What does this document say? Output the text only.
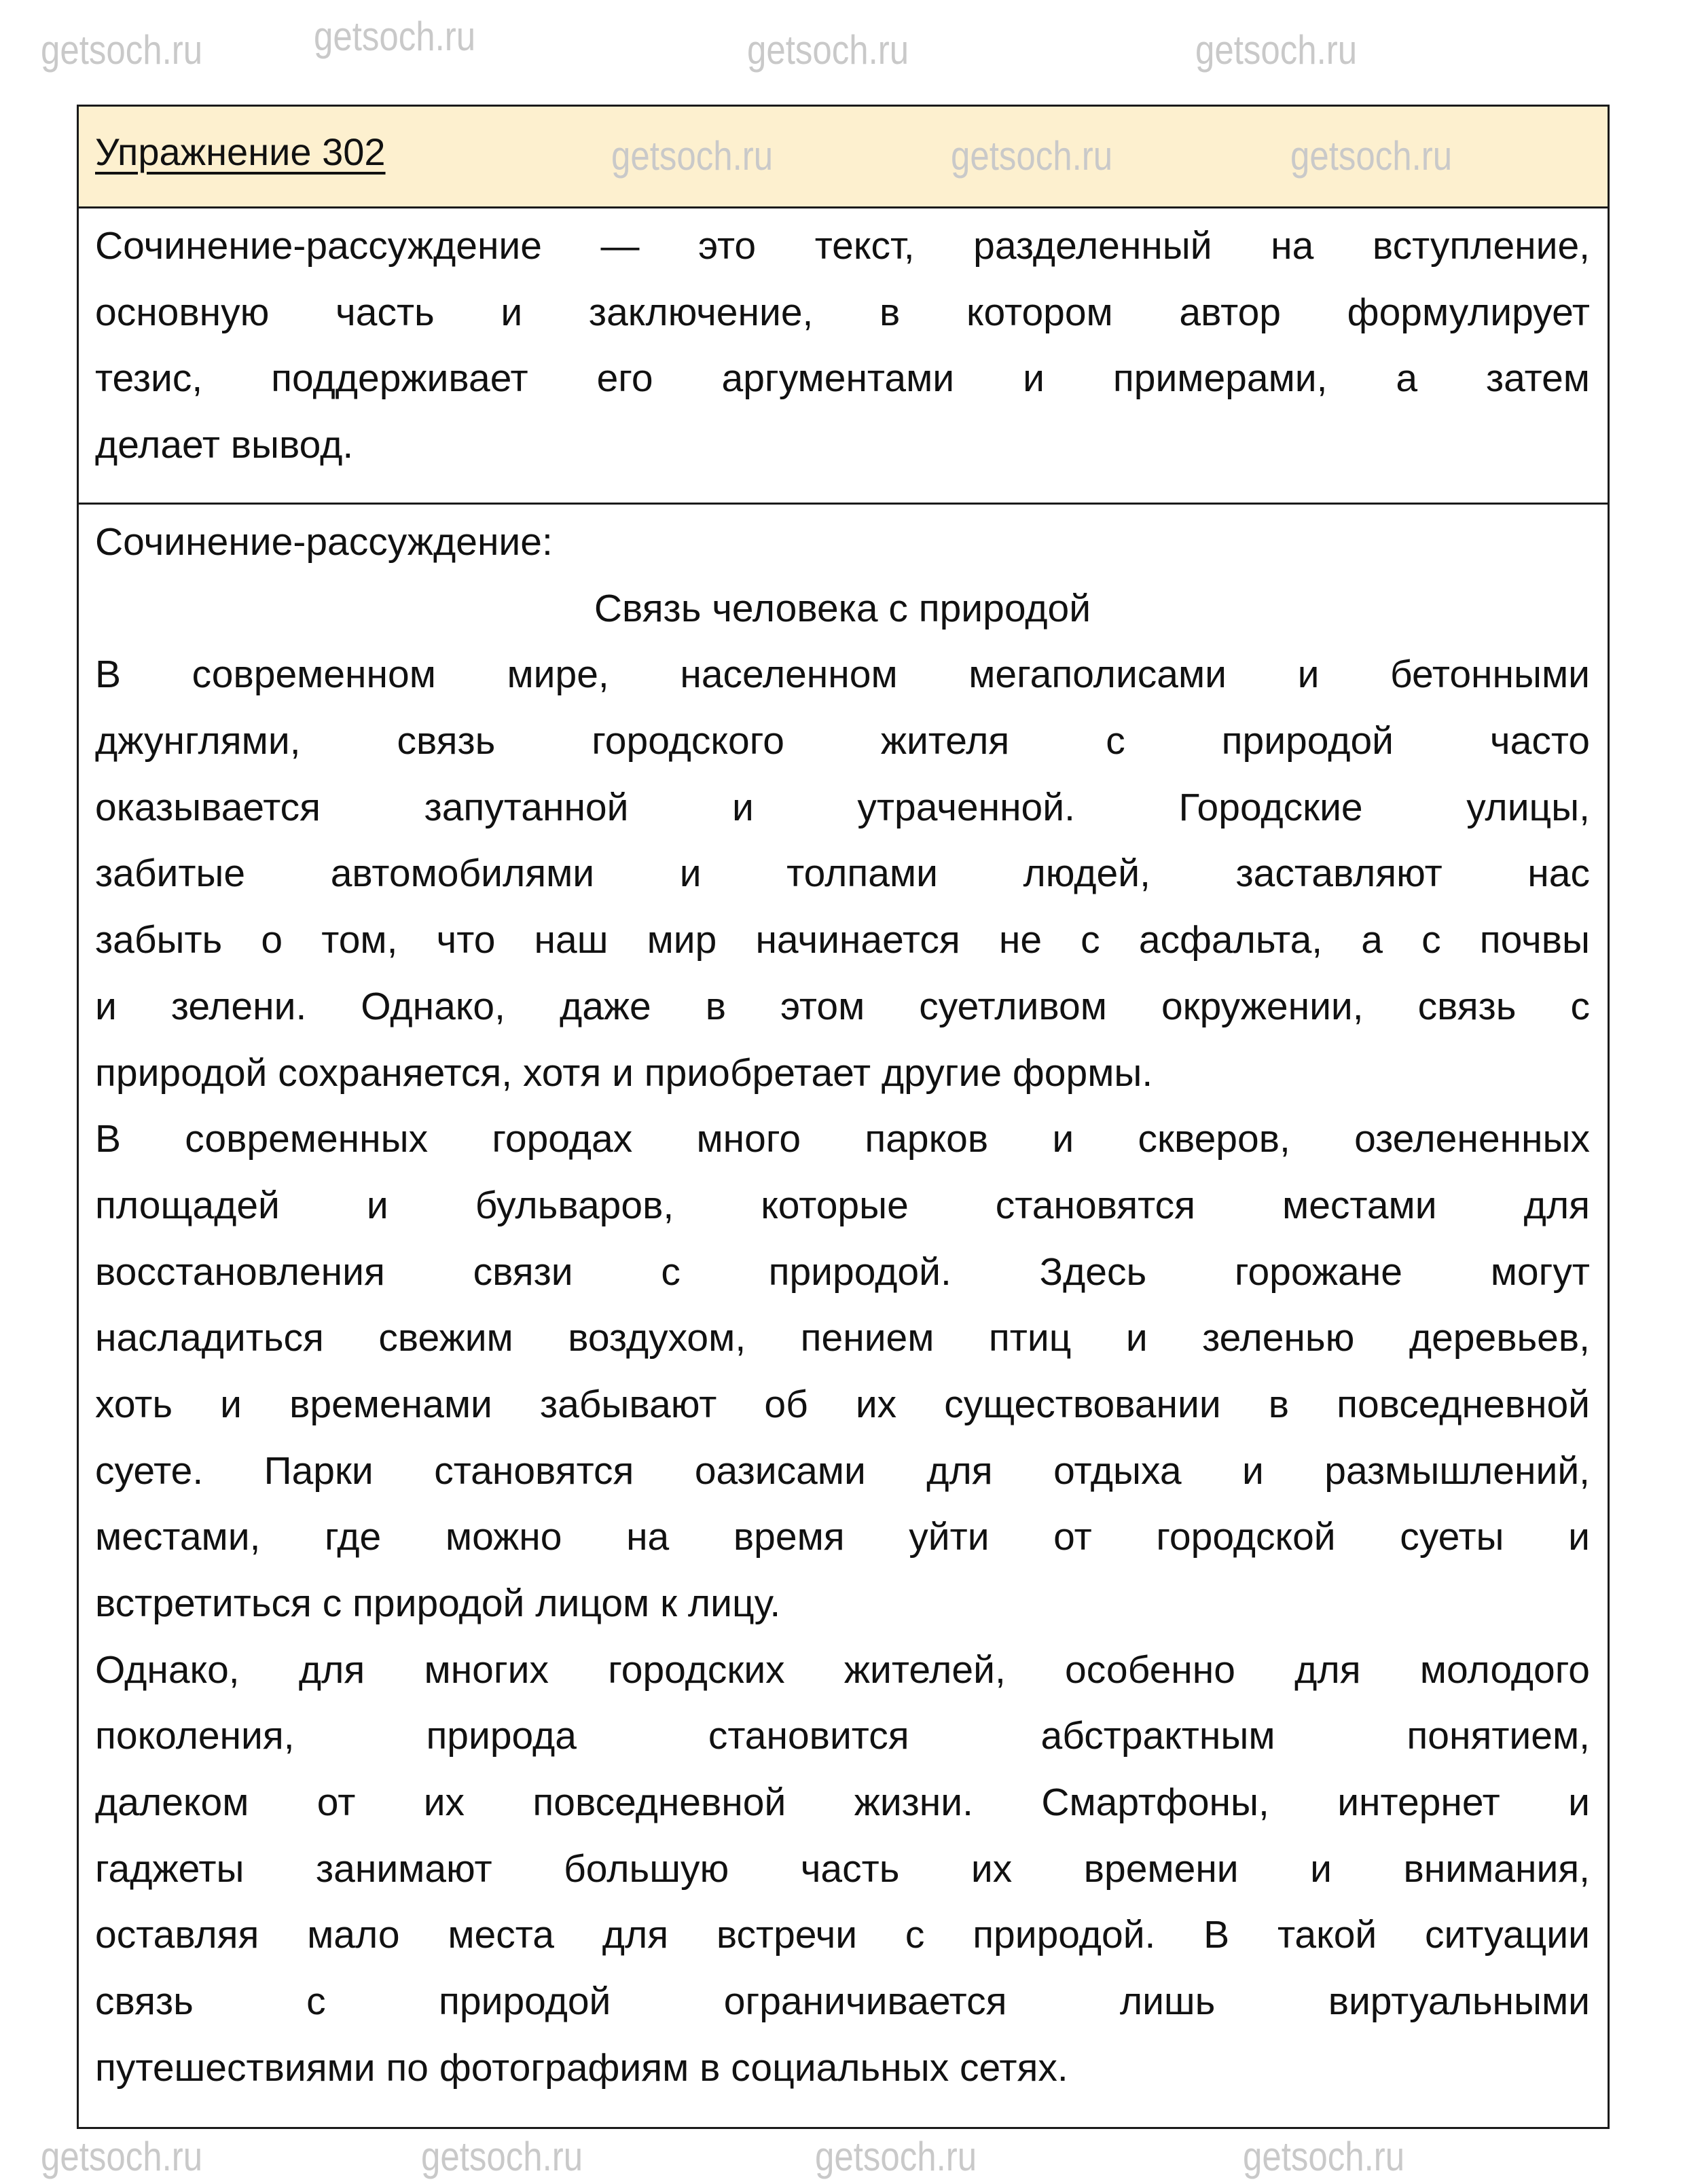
Упражнение 302
Сочинение-рассуждение — это текст, разделенный на вступление,
основную часть и заключение, в котором автор формулирует
тезис, поддерживает его аргументами и примерами, а затем
делает вывод.
Сочинение-рассуждение:
Связь человека с природой
В современном мире, населенном мегаполисами и бетонными
джунглями, связь городского жителя с природой часто
оказывается запутанной и утраченной. Городские улицы,
забитые автомобилями и толпами людей, заставляют нас
забыть о том, что наш мир начинается не с асфальта, а с почвы
и зелени. Однако, даже в этом суетливом окружении, связь с
природой сохраняется, хотя и приобретает другие формы.
В современных городах много парков и скверов, озелененных
площадей и бульваров, которые становятся местами для
восстановления связи с природой. Здесь горожане могут
насладиться свежим воздухом, пением птиц и зеленью деревьев,
хоть и временами забывают об их существовании в повседневной
суете. Парки становятся оазисами для отдыха и размышлений,
местами, где можно на время уйти от городской суеты и
встретиться с природой лицом к лицу.
Однако, для многих городских жителей, особенно для молодого
поколения, природа становится абстрактным понятием,
далеком от их повседневной жизни. Смартфоны, интернет и
гаджеты занимают большую часть их времени и внимания,
оставляя мало места для встречи с природой. В такой ситуации
связь с природой ограничивается лишь виртуальными
путешествиями по фотографиям в социальных сетях.
getsoch.ru	getsoch.ru	getsoch.ru	getsoch.ru
getsoch.ru	getsoch.ru	getsoch.ru
getsoch.ru	getsoch.ru	getsoch.ru	getsoch.ru
